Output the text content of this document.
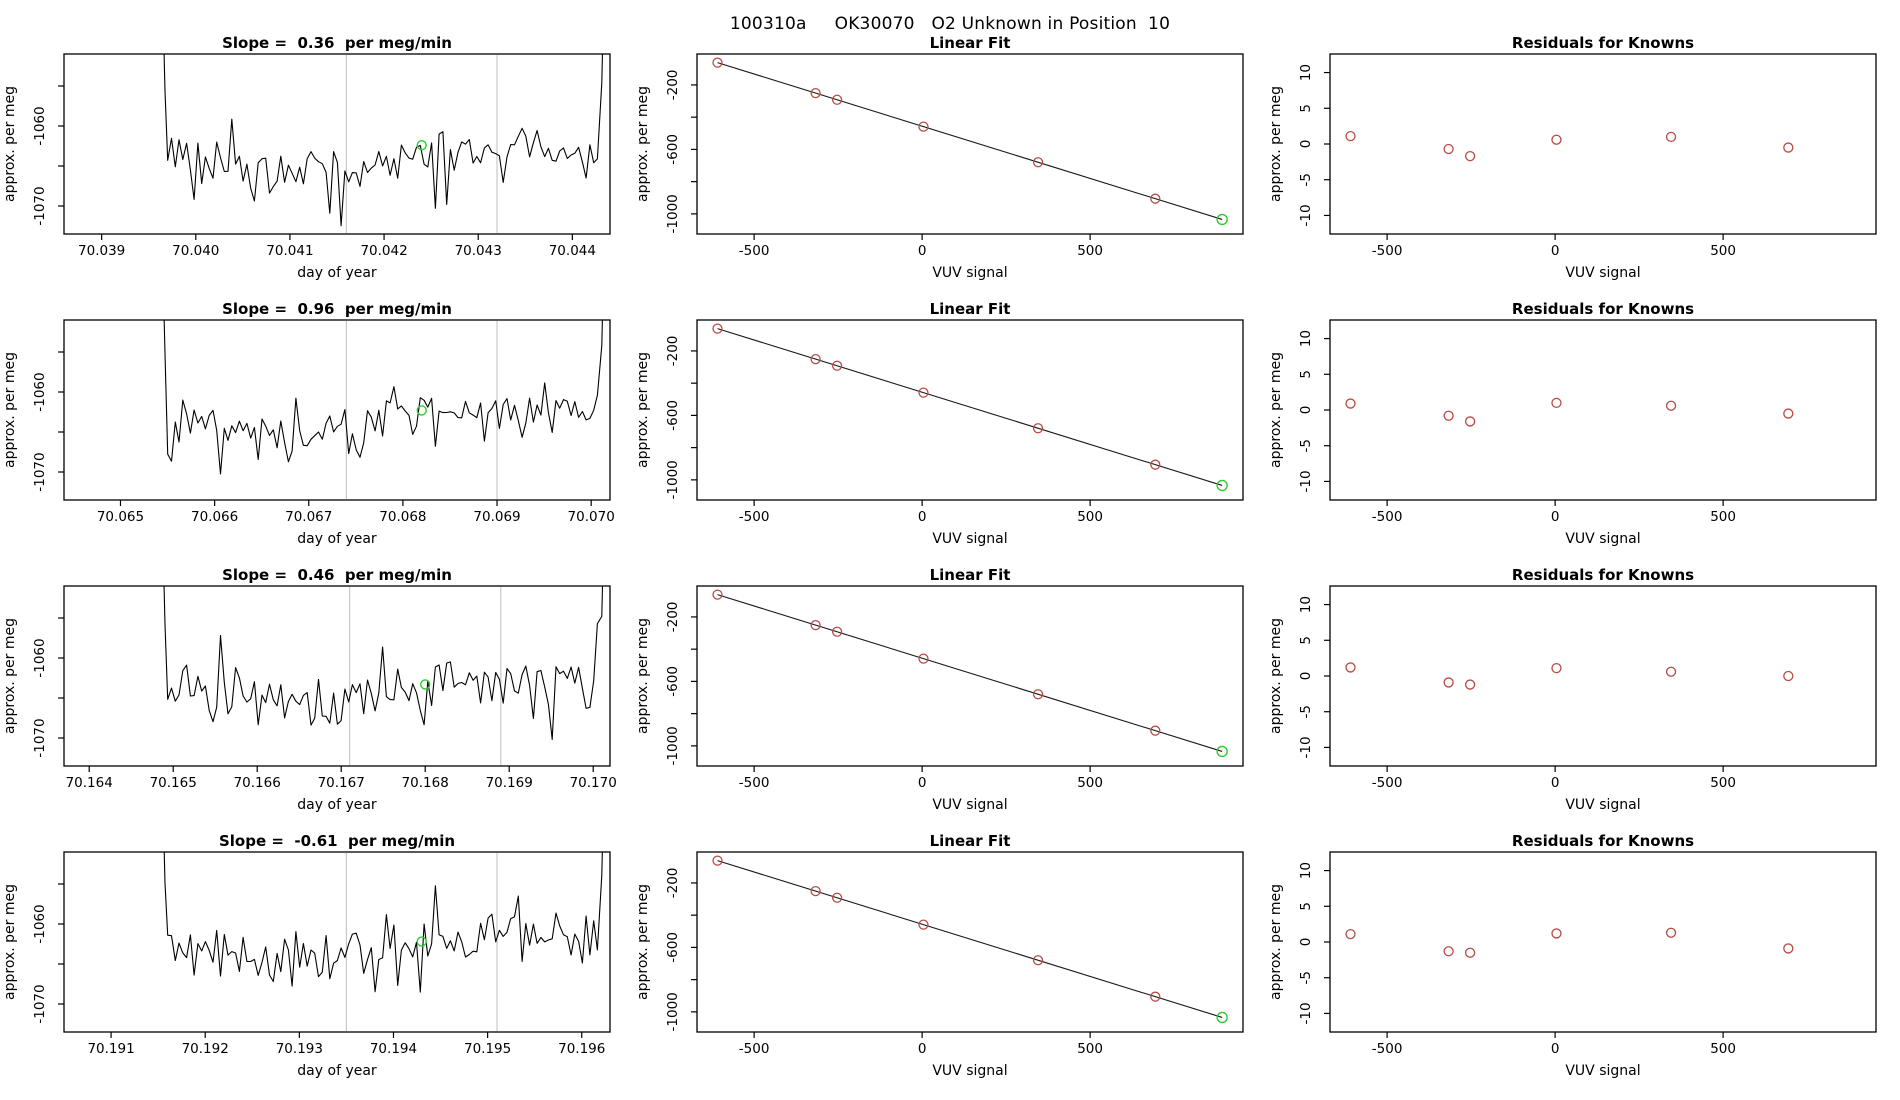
100310a     OK30070   O2 Unknown in Position  10
70.039	70.040	70.041	70.042	70.043	70.044
-1070
-1060
day of year
approx. per meg
Slope =  0.36  per meg/min
-500	0	500
-1000
-600
-200
VUV signal
approx. per meg
Linear Fit
-500	0	500
-10
-5
0
5
10
VUV signal
approx. per meg
Residuals for Knowns
70.065	70.066	70.067	70.068	70.069	70.070
-1070
-1060
day of year
approx. per meg
Slope =  0.96  per meg/min
-500	0	500
-1000
-600
-200
VUV signal
approx. per meg
Linear Fit
-500	0	500
-10
-5
0
5
10
VUV signal
approx. per meg
Residuals for Knowns
70.164	70.165	70.166	70.167	70.168	70.169	70.170
-1070
-1060
day of year
approx. per meg
Slope =  0.46  per meg/min
-500	0	500
-1000
-600
-200
VUV signal
approx. per meg
Linear Fit
-500	0	500
-10
-5
0
5
10
VUV signal
approx. per meg
Residuals for Knowns
70.191	70.192	70.193	70.194	70.195	70.196
-1070
-1060
day of year
approx. per meg
Slope =  -0.61  per meg/min
-500	0	500
-1000
-600
-200
VUV signal
approx. per meg
Linear Fit
-500	0	500
-10
-5
0
5
10
VUV signal
approx. per meg
Residuals for Knowns
